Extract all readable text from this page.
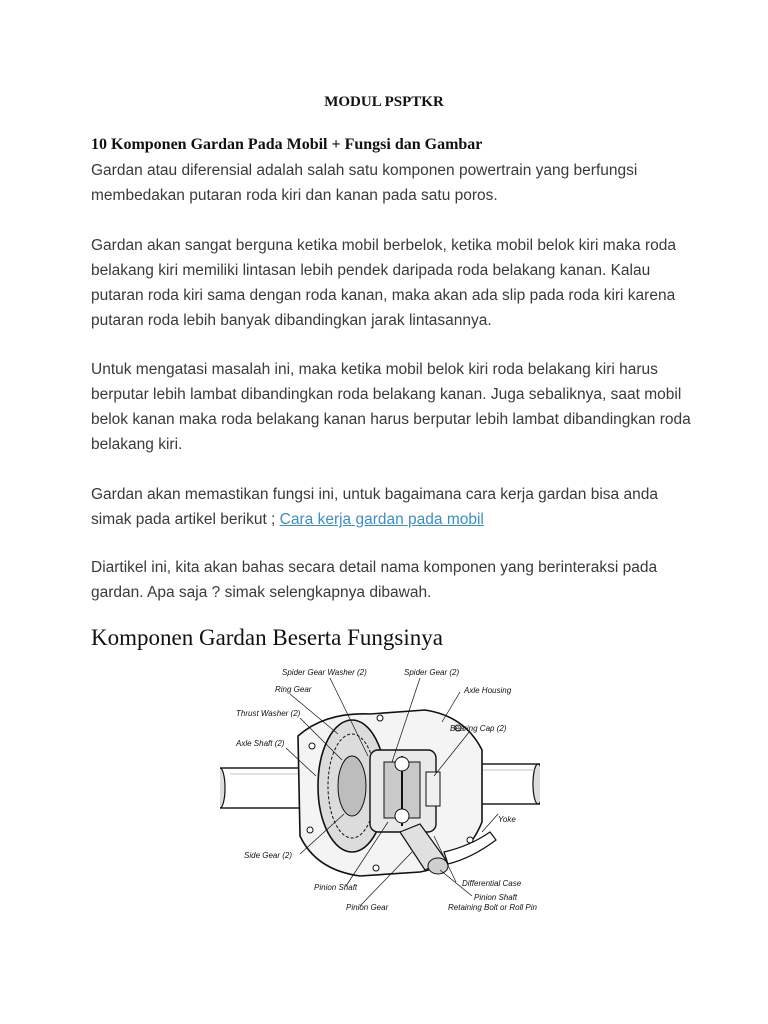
MODUL PSPTKR
10 Komponen Gardan Pada Mobil + Fungsi dan Gambar

Gardan atau diferensial adalah salah satu komponen powertrain yang berfungsi membedakan putaran roda kiri dan kanan pada satu poros.

Gardan akan sangat berguna ketika mobil berbelok, ketika mobil belok kiri maka roda belakang kiri memiliki lintasan lebih pendek daripada roda belakang kanan. Kalau putaran roda kiri sama dengan roda kanan, maka akan ada slip pada roda kiri karena putaran roda lebih banyak dibandingkan jarak lintasannya.

Untuk mengatasi masalah ini, maka ketika mobil belok kiri roda belakang kiri harus berputar lebih lambat dibandingkan roda belakang kanan. Juga sebaliknya, saat mobil belok kanan maka roda belakang kanan harus berputar lebih lambat dibandingkan roda belakang kiri.

Gardan akan memastikan fungsi ini, untuk bagaimana cara kerja gardan bisa anda simak pada artikel berikut ; Cara kerja gardan pada mobil

Diartikel ini, kita akan bahas secara detail nama komponen yang berinteraksi pada gardan. Apa saja ? simak selengkapnya dibawah.

Komponen Gardan Beserta Fungsinya
Spider Gear Washer (2)	Spider Gear (2)
Ring Gear	Axle Housing
Thrust Washer (2)
Bearing Cap (2)
Axle Shaft (2)
Yoke
Side Gear (2)
Differential Case
Pinion Shaft
Pinion Gear
Pinion Shaft
Retaining Bolt or Roll Pin
